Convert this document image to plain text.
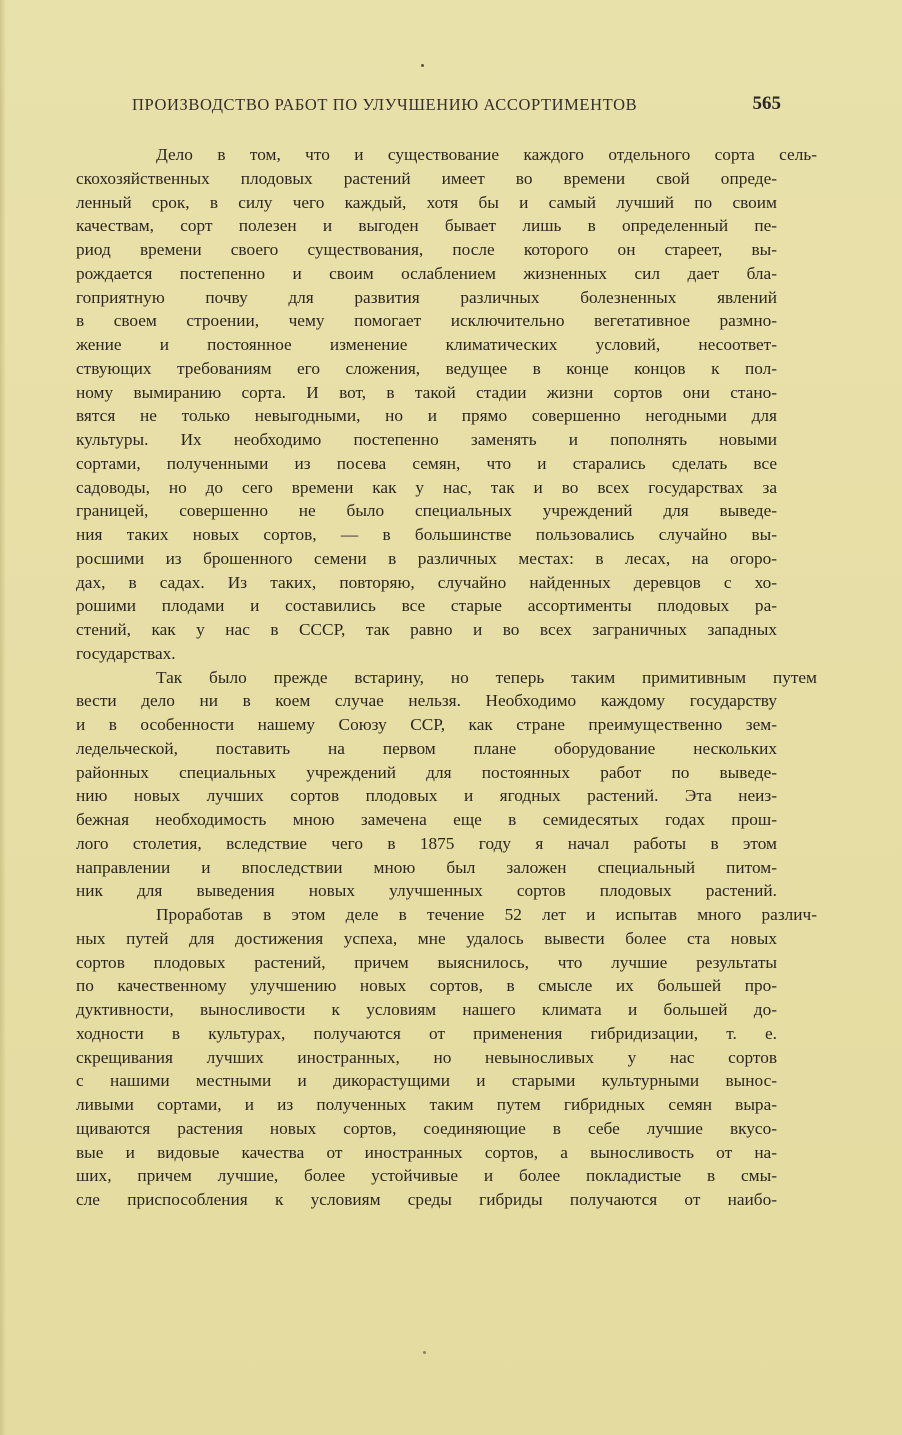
ПРОИЗВОДСТВО РАБОТ ПО УЛУЧШЕНИЮ АССОРТИМЕНТОВ	565
Дело в том, что и существование каждого отдельного сорта сель-
скохозяйственных плодовых растений имеет во времени свой опреде-
ленный срок, в силу чего каждый, хотя бы и самый лучший по своим
качествам, сорт полезен и выгоден бывает лишь в определенный пе-
риод времени своего существования, после которого он стареет, вы-
рождается постепенно и своим ослаблением жизненных сил дает бла-
гоприятную почву для развития различных болезненных явлений
в своем строении, чему помогает исключительно вегетативное размно-
жение и постоянное изменение климатических условий, несоответ-
ствующих требованиям его сложения, ведущее в конце концов к пол-
ному вымиранию сорта. И вот, в такой стадии жизни сортов они стано-
вятся не только невыгодными, но и прямо совершенно негодными для
культуры. Их необходимо постепенно заменять и пополнять новыми
сортами, полученными из посева семян, что и старались сделать все
садоводы, но до сего времени как у нас, так и во всех государствах за
границей, совершенно не было специальных учреждений для выведе-
ния таких новых сортов, — в большинстве пользовались случайно вы-
росшими из брошенного семени в различных местах: в лесах, на огоро-
дах, в садах. Из таких, повторяю, случайно найденных деревцов с хо-
рошими плодами и составились все старые ассортименты плодовых ра-
стений, как у нас в СССР, так равно и во всех заграничных западных
государствах.
Так было прежде встарину, но теперь таким примитивным путем
вести дело ни в коем случае нельзя. Необходимо каждому государству
и в особенности нашему Союзу ССР, как стране преимущественно зем-
ледельческой, поставить на первом плане оборудование нескольких
районных специальных учреждений для постоянных работ по выведе-
нию новых лучших сортов плодовых и ягодных растений. Эта неиз-
бежная необходимость мною замечена еще в семидесятых годах прош-
лого столетия, вследствие чего в 1875 году я начал работы в этом
направлении и впоследствии мною был заложен специальный питом-
ник для выведения новых улучшенных сортов плодовых растений.
Проработав в этом деле в течение 52 лет и испытав много различ-
ных путей для достижения успеха, мне удалось вывести более ста новых
сортов плодовых растений, причем выяснилось, что лучшие результаты
по качественному улучшению новых сортов, в смысле их большей про-
дуктивности, выносливости к условиям нашего климата и большей до-
ходности в культурах, получаются от применения гибридизации, т. е.
скрещивания лучших иностранных, но невыносливых у нас сортов
с нашими местными и дикорастущими и старыми культурными вынос-
ливыми сортами, и из полученных таким путем гибридных семян выра-
щиваются растения новых сортов, соединяющие в себе лучшие вкусо-
вые и видовые качества от иностранных сортов, а выносливость от на-
ших, причем лучшие, более устойчивые и более покладистые в смы-
сле приспособления к условиям среды гибриды получаются от наибо-
